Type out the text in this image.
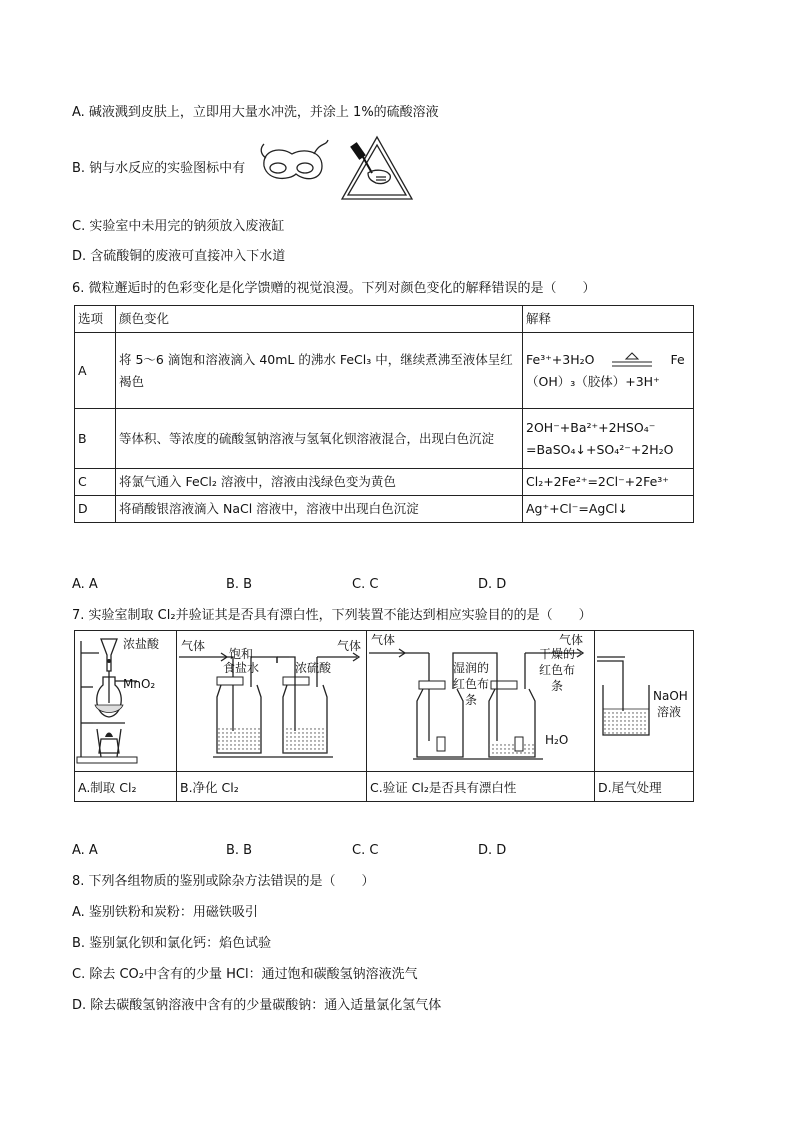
A. 碱液溅到皮肤上，立即用大量水冲洗，并涂上 1%的硫酸溶液
B. 钠与水反应的实验图标中有
C. 实验室中未用完的钠须放入废液缸
D. 含硫酸铜的废液可直接冲入下水道
6. 微粒邂逅时的色彩变化是化学馈赠的视觉浪漫。下列对颜色变化的解释错误的是（　　）
选项	颜色变化	解释
A	将 5～6 滴饱和溶液滴入 40mL 的沸水 FeCl₃ 中，继续煮沸至液体呈红褐色	Fe³⁺+3H₂O Fe
（OH）₃（胶体）+3H⁺

B	等体积、等浓度的硫酸氢钠溶液与氢氧化钡溶液混合，出现白色沉淀	2OH⁻+Ba²⁺+2HSO₄⁻
=BaSO₄↓+SO₄²⁻+2H₂O

C	将氯气通入 FeCl₂ 溶液中，溶液由浅绿色变为黄色	Cl₂+2Fe²⁺=2Cl⁻+2Fe³⁺
D	将硝酸银溶液滴入 NaCl 溶液中，溶液中出现白色沉淀	Ag⁺+Cl⁻=AgCl↓
A. A	B. B	C. C	D. D
7. 实验室制取 Cl₂并验证其是否具有漂白性，下列装置不能达到相应实验目的的是（　　）
浓盐酸
MnO₂
气体	气体
饱和
食盐水	浓硫酸
气体	气体
湿润的
红色布
条
干燥的
红色布
条
H₂O
NaOH
溶液
A.制取 Cl₂	B.净化 Cl₂	C.验证 Cl₂是否具有漂白性	D.尾气处理
A. A	B. B	C. C	D. D
8. 下列各组物质的鉴别或除杂方法错误的是（　　）
A. 鉴别铁粉和炭粉：用磁铁吸引
B. 鉴别氯化钡和氯化钙：焰色试验
C. 除去 CO₂中含有的少量 HCl：通过饱和碳酸氢钠溶液洗气
D. 除去碳酸氢钠溶液中含有的少量碳酸钠：通入适量氯化氢气体
